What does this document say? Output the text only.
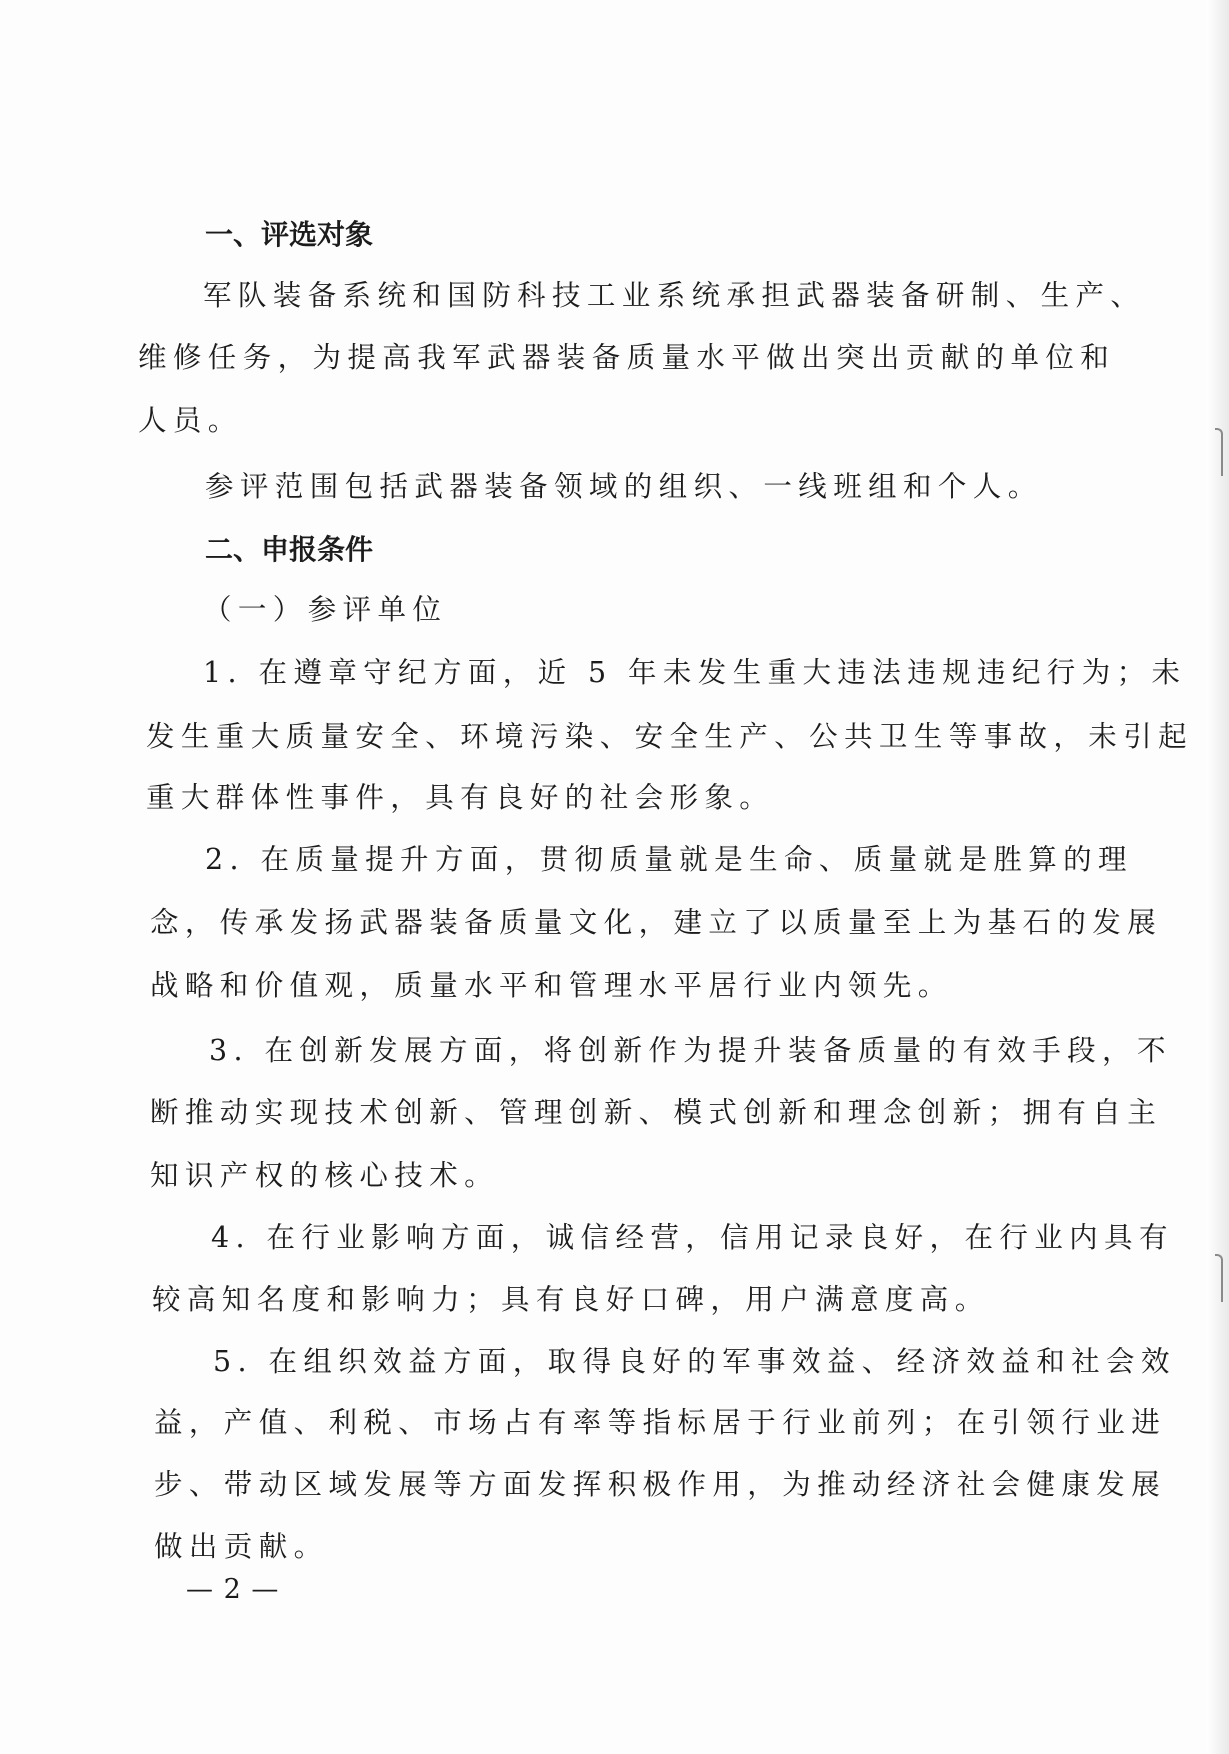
一、评选对象
军队装备系统和国防科技工业系统承担武器装备研制、生产、
维修任务，为提高我军武器装备质量水平做出突出贡献的单位和
人员。
参评范围包括武器装备领域的组织、一线班组和个人。
二、申报条件
（一）参评单位
1. 在遵章守纪方面，近 5 年未发生重大违法违规违纪行为；未
发生重大质量安全、环境污染、安全生产、公共卫生等事故，未引起
重大群体性事件，具有良好的社会形象。
2. 在质量提升方面，贯彻质量就是生命、质量就是胜算的理
念，传承发扬武器装备质量文化，建立了以质量至上为基石的发展
战略和价值观，质量水平和管理水平居行业内领先。
3. 在创新发展方面，将创新作为提升装备质量的有效手段，不
断推动实现技术创新、管理创新、模式创新和理念创新；拥有自主
知识产权的核心技术。
4. 在行业影响方面，诚信经营，信用记录良好，在行业内具有
较高知名度和影响力；具有良好口碑，用户满意度高。
5. 在组织效益方面，取得良好的军事效益、经济效益和社会效
益，产值、利税、市场占有率等指标居于行业前列；在引领行业进
步、带动区域发展等方面发挥积极作用，为推动经济社会健康发展
做出贡献。
— 2 —
